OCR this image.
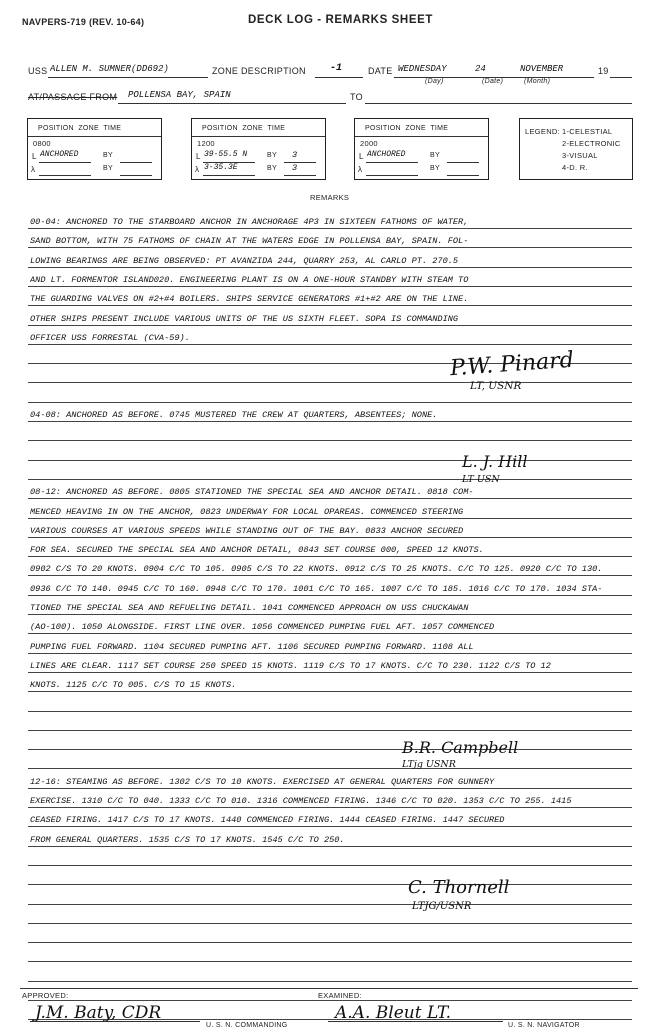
NAVPERS-719 (REV. 10-64)	DECK LOG - REMARKS SHEET
USS ALLEN M. SUMNER(DD692)	ZONE DESCRIPTION -1	DATE WEDNESDAY	24	NOVEMBER	19
(Day)	(Date)	(Month)
AT/PASSAGE FROM POLLENSA BAY, SPAIN	TO
POSITION  ZONE  TIME
0800
L ANCHORED	BY
λ	BY
POSITION  ZONE  TIME
1200
L 39-55.5 N	BY 3
λ 3-35.3E	BY 3
POSITION  ZONE  TIME
2000
L ANCHORED	BY
λ	BY
LEGEND: 1-CELESTIAL
2-ELECTRONIC
3-VISUAL
4-D. R.
REMARKS
00-04: ANCHORED TO THE STARBOARD ANCHOR IN ANCHORAGE 4P3 IN SIXTEEN FATHOMS OF WATER,
SAND BOTTOM, WITH 75 FATHOMS OF CHAIN AT THE WATERS EDGE IN POLLENSA BAY, SPAIN. FOL-
LOWING BEARINGS ARE BEING OBSERVED: PT AVANZIDA 244, QUARRY 253, AL CARLO PT. 270.5
AND LT. FORMENTOR ISLAND020. ENGINEERING PLANT IS ON A ONE-HOUR STANDBY WITH STEAM TO
THE GUARDING VALVES ON #2+#4 BOILERS. SHIPS SERVICE GENERATORS #1+#2 ARE ON THE LINE.
OTHER SHIPS PRESENT INCLUDE VARIOUS UNITS OF THE US SIXTH FLEET. SOPA IS COMMANDING
OFFICER USS FORRESTAL (CVA-59).
04-08: ANCHORED AS BEFORE. 0745 MUSTERED THE CREW AT QUARTERS, ABSENTEES; NONE.
08-12: ANCHORED AS BEFORE. 0805 STATIONED THE SPECIAL SEA AND ANCHOR DETAIL. 0818 COM-
MENCED HEAVING IN ON THE ANCHOR, 0823 UNDERWAY FOR LOCAL OPAREAS. COMMENCED STEERING
VARIOUS COURSES AT VARIOUS SPEEDS WHILE STANDING OUT OF THE BAY. 0833 ANCHOR SECURED
FOR SEA. SECURED THE SPECIAL SEA AND ANCHOR DETAIL, 0843 SET COURSE 000, SPEED 12 KNOTS.
0902 C/S TO 20 KNOTS. 0904 C/C TO 105. 0905 C/S TO 22 KNOTS. 0912 C/S TO 25 KNOTS. C/C TO 125. 0920 C/C TO 130.
0936 C/C TO 140. 0945 C/C TO 160. 0948 C/C TO 170. 1001 C/C TO 165. 1007 C/C TO 185. 1016 C/C TO 170. 1034 STA-
TIONED THE SPECIAL SEA AND REFUELING DETAIL. 1041 COMMENCED APPROACH ON USS CHUCKAWAN
(AO-100). 1050 ALONGSIDE. FIRST LINE OVER. 1056 COMMENCED PUMPING FUEL AFT. 1057 COMMENCED
PUMPING FUEL FORWARD. 1104 SECURED PUMPING AFT. 1106 SECURED PUMPING FORWARD. 1108 ALL
LINES ARE CLEAR. 1117 SET COURSE 250 SPEED 15 KNOTS. 1119 C/S TO 17 KNOTS. C/C TO 230. 1122 C/S TO 12
KNOTS. 1125 C/C TO 005. C/S TO 15 KNOTS.
12-16: STEAMING AS BEFORE. 1302 C/S TO 10 KNOTS. EXERCISED AT GENERAL QUARTERS FOR GUNNERY
EXERCISE. 1310 C/C TO 040. 1333 C/C TO 010. 1316 COMMENCED FIRING. 1346 C/C TO 020. 1353 C/C TO 255. 1415
CEASED FIRING. 1417 C/S TO 17 KNOTS. 1440 COMMENCED FIRING. 1444 CEASED FIRING. 1447 SECURED
FROM GENERAL QUARTERS. 1535 C/S TO 17 KNOTS. 1545 C/C TO 250.
P.W. Pinard
LT, USNR
L. J. Hill
LT USN
B.R. Campbell
LTjg USNR
C. Thornell
LTJG/USNR
APPROVED:
J.M. Baty, CDR
U. S. N. COMMANDING
EXAMINED:
A.A. Bleut LT.
U. S. N. NAVIGATOR
